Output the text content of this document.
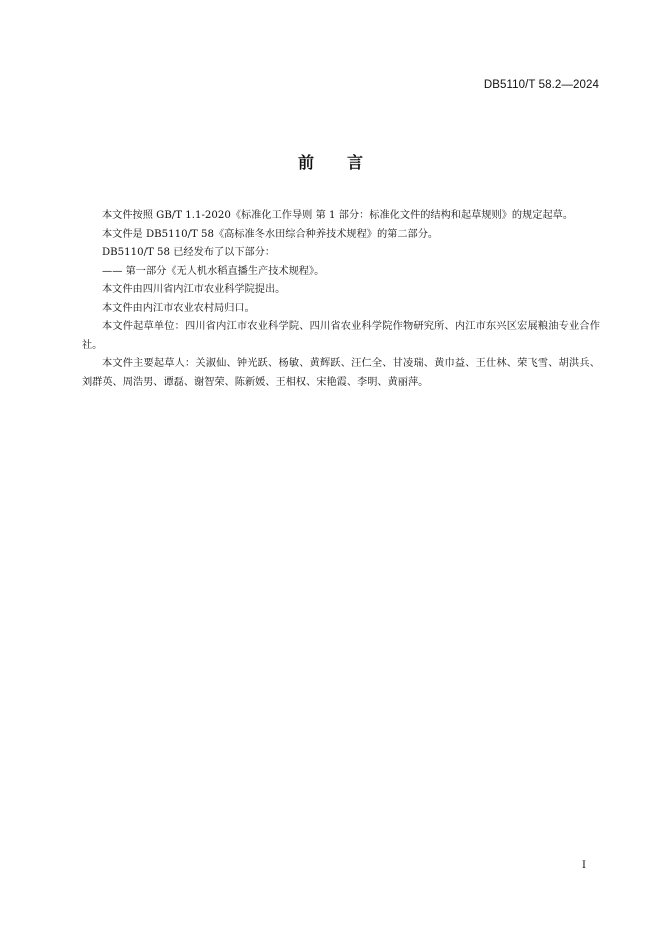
DB5110/T 58.2—2024
前 言

本文件按照 GB/T 1.1-2020《标准化工作导则 第 1 部分：标准化文件的结构和起草规则》的规定起草。

本文件是 DB5110/T 58《高标准冬水田综合种养技术规程》的第二部分。

DB5110/T 58 已经发布了以下部分：

—— 第一部分《无人机水稻直播生产技术规程》。

本文件由四川省内江市农业科学院提出。

本文件由内江市农业农村局归口。

本文件起草单位：四川省内江市农业科学院、四川省农业科学院作物研究所、内江市东兴区宏展粮油专业合作社。

本文件主要起草人：关淑仙、钟光跃、杨敏、黄辉跃、汪仁全、甘凌瑞、黄巾益、王仕林、荣飞雪、胡洪兵、刘群英、周浩男、谭磊、谢智荣、陈新媛、王相权、宋艳霞、李明、黄丽萍。

I
